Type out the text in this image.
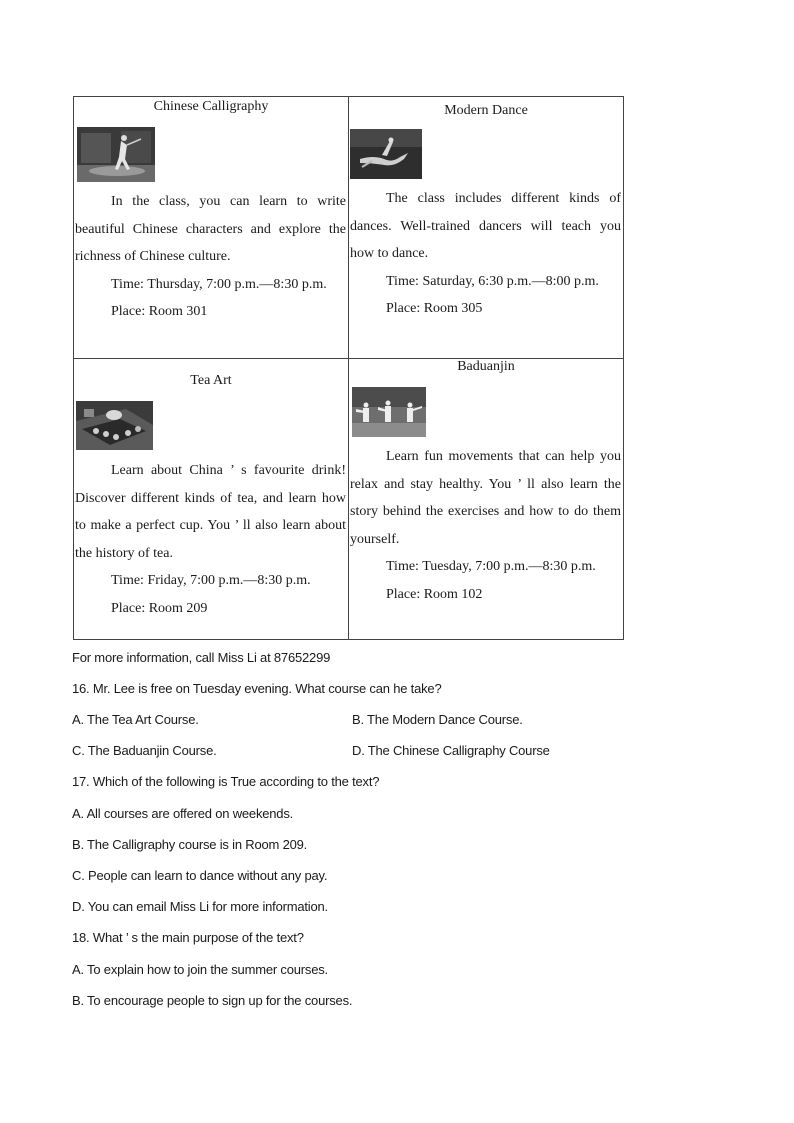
Chinese Calligraphy

In the class, you can learn to write beautiful Chinese characters and explore the richness of Chinese culture.

Time: Thursday, 7:00 p.m.—8:30 p.m.

Place: Room 301

Modern Dance

The class includes different kinds of dances. Well-trained dancers will teach you how to dance.

Time: Saturday, 6:30 p.m.—8:00 p.m.

Place: Room 305

Tea Art

Learn about China ’ s favourite drink! Discover different kinds of tea, and learn how to make a perfect cup. You ’ ll also learn about the history of tea.

Time: Friday, 7:00 p.m.—8:30 p.m.

Place: Room 209

Baduanjin

Learn fun movements that can help you relax and stay healthy. You ’ ll also learn the story behind the exercises and how to do them yourself.

Time: Tuesday, 7:00 p.m.—8:30 p.m.

Place: Room 102

For more information, call Miss Li at 87652299
16. Mr. Lee is free on Tuesday evening. What course can he take?
A. The Tea Art Course.	B. The Modern Dance Course.
C. The Baduanjin Course.	D. The Chinese Calligraphy Course
17. Which of the following is True according to the text?
A. All courses are offered on weekends.
B. The Calligraphy course is in Room 209.
C. People can learn to dance without any pay.
D. You can email Miss Li for more information.
18. What ’ s the main purpose of the text?
A. To explain how to join the summer courses.
B. To encourage people to sign up for the courses.
